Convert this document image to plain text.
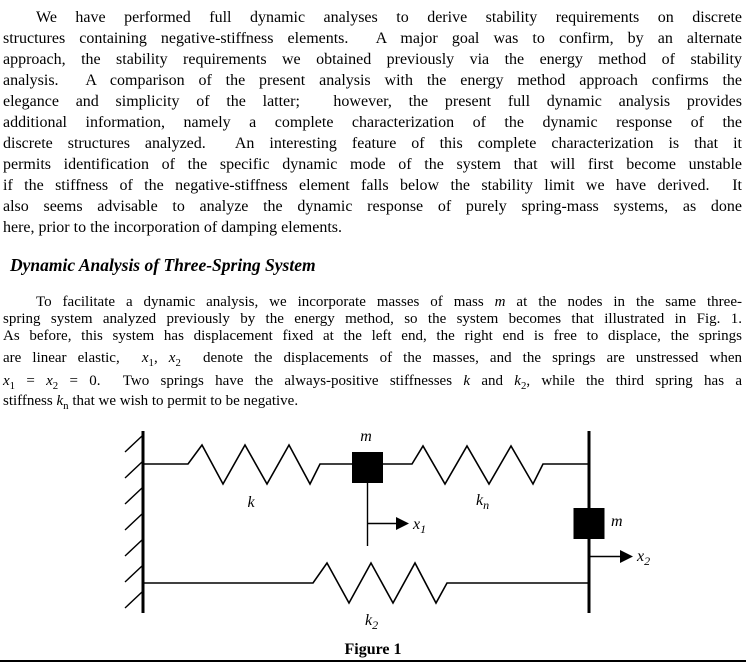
We have performed full dynamic analyses to derive stability requirements on discrete
structures containing negative-stiffness elements.  A major goal was to confirm, by an alternate
approach, the stability requirements we obtained previously via the energy method of stability
analysis.  A comparison of the present analysis with the energy method approach confirms the
elegance and simplicity of the latter;  however, the present full dynamic analysis provides
additional information, namely a complete characterization of the dynamic response of the
discrete structures analyzed.  An interesting feature of this complete characterization is that it
permits identification of the specific dynamic mode of the system that will first become unstable
if the stiffness of the negative-stiffness element falls below the stability limit we have derived.  It
also seems advisable to analyze the dynamic response of purely spring-mass systems, as done
here, prior to the incorporation of damping elements.
Dynamic Analysis of Three-Spring System
To facilitate a dynamic analysis, we incorporate masses of mass m at the nodes in the same three-
spring system analyzed previously by the energy method, so the system becomes that illustrated in Fig. 1.
As before, this system has displacement fixed at the left end, the right end is free to displace, the springs
are linear elastic,  $x_1$, $x_2$  denote the displacements of the masses, and the springs are unstressed when
$x_1 = x_2 = 0$.  Two springs have the always-positive stiffnesses k and $k_2$, while the third spring has a
stiffness $k_n$ that we wish to permit to be negative.
m
m
k	$k_n$
$k_2$
$x_1$
$x_2$
Figure 1
